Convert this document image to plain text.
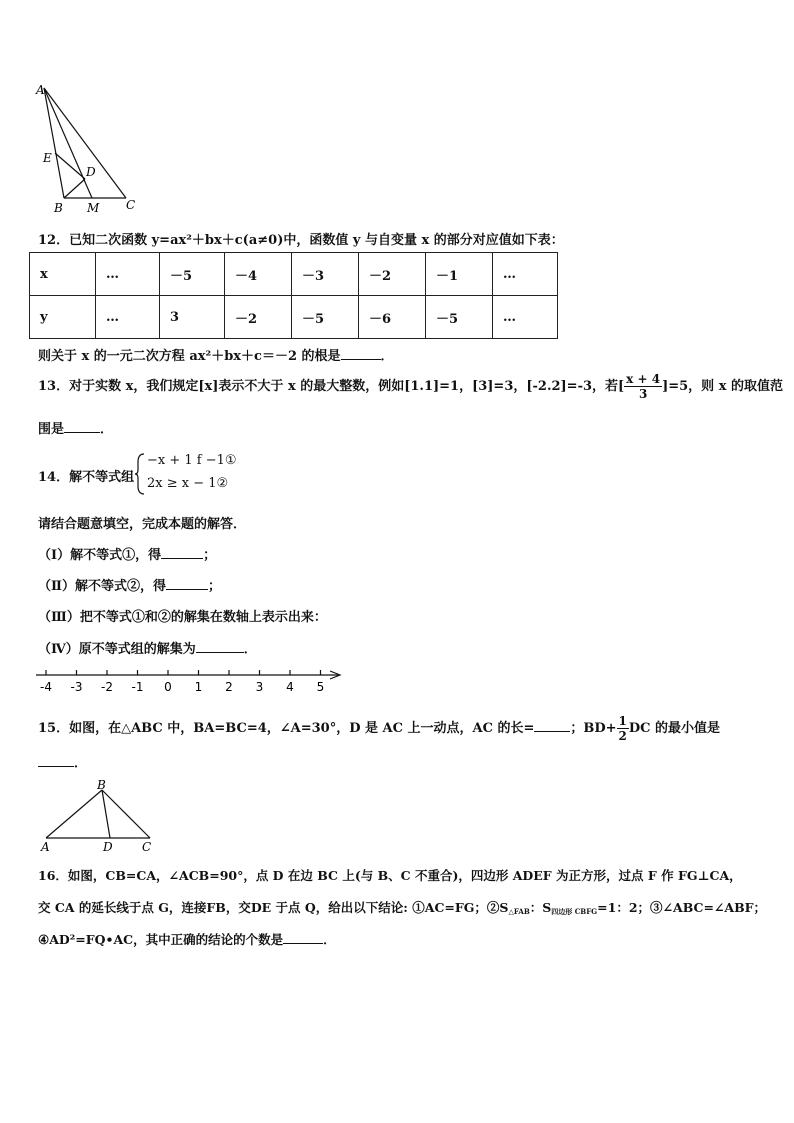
A
E
D
B M C
12．已知二次函数 y=ax²＋bx＋c(a≠0)中，函数值 y 与自变量 x 的部分对应值如下表：
x	…	－5	－4	－3	－2	－1	…
y	…	3	－2	－5	－6	－5	…
则关于 x 的一元二次方程 ax²＋bx＋c＝－2 的根是	．
13．对于实数 x，我们规定[x]表示不大于 x 的最大整数，例如[1.1]=1，[3]=3，[-2.2]=-3，若[ $\frac{x + 4}{3} ]=5$，则 x 的取值范
围是	．
14．解不等式组
−x + 1 f −1①
2x ≥ x − 1②
请结合题意填空，完成本题的解答．
（Ⅰ）解不等式①，得	；
（Ⅱ）解不等式②，得	；
（Ⅲ）把不等式①和②的解集在数轴上表示出来：
（Ⅳ）原不等式组的解集为	．
-4 -3 -2 -1 0 1 2 3 4 5
15．如图，在△ABC 中，BA=BC=4，∠A=30°，D 是 AC 上一动点，AC 的长=	；$BD+ \frac{1}{2}$ DC 的最小值是
．
B
A	D C
16．如图，CB=CA，∠ACB=90°，点 D 在边 BC 上(与 B、C 不重合)，四边形 ADEF 为正方形，过点 F 作 FG⊥CA，
交 CA 的延长线于点 G，连接FB，交DE 于点 Q，给出以下结论: ①AC=FG；$②S_{\triangle FAB}$：$S_{四边形 CBFG}=1$：2；③∠ABC=∠ABF；
④AD²=FQ•AC，其中正确的结论的个数是	．
